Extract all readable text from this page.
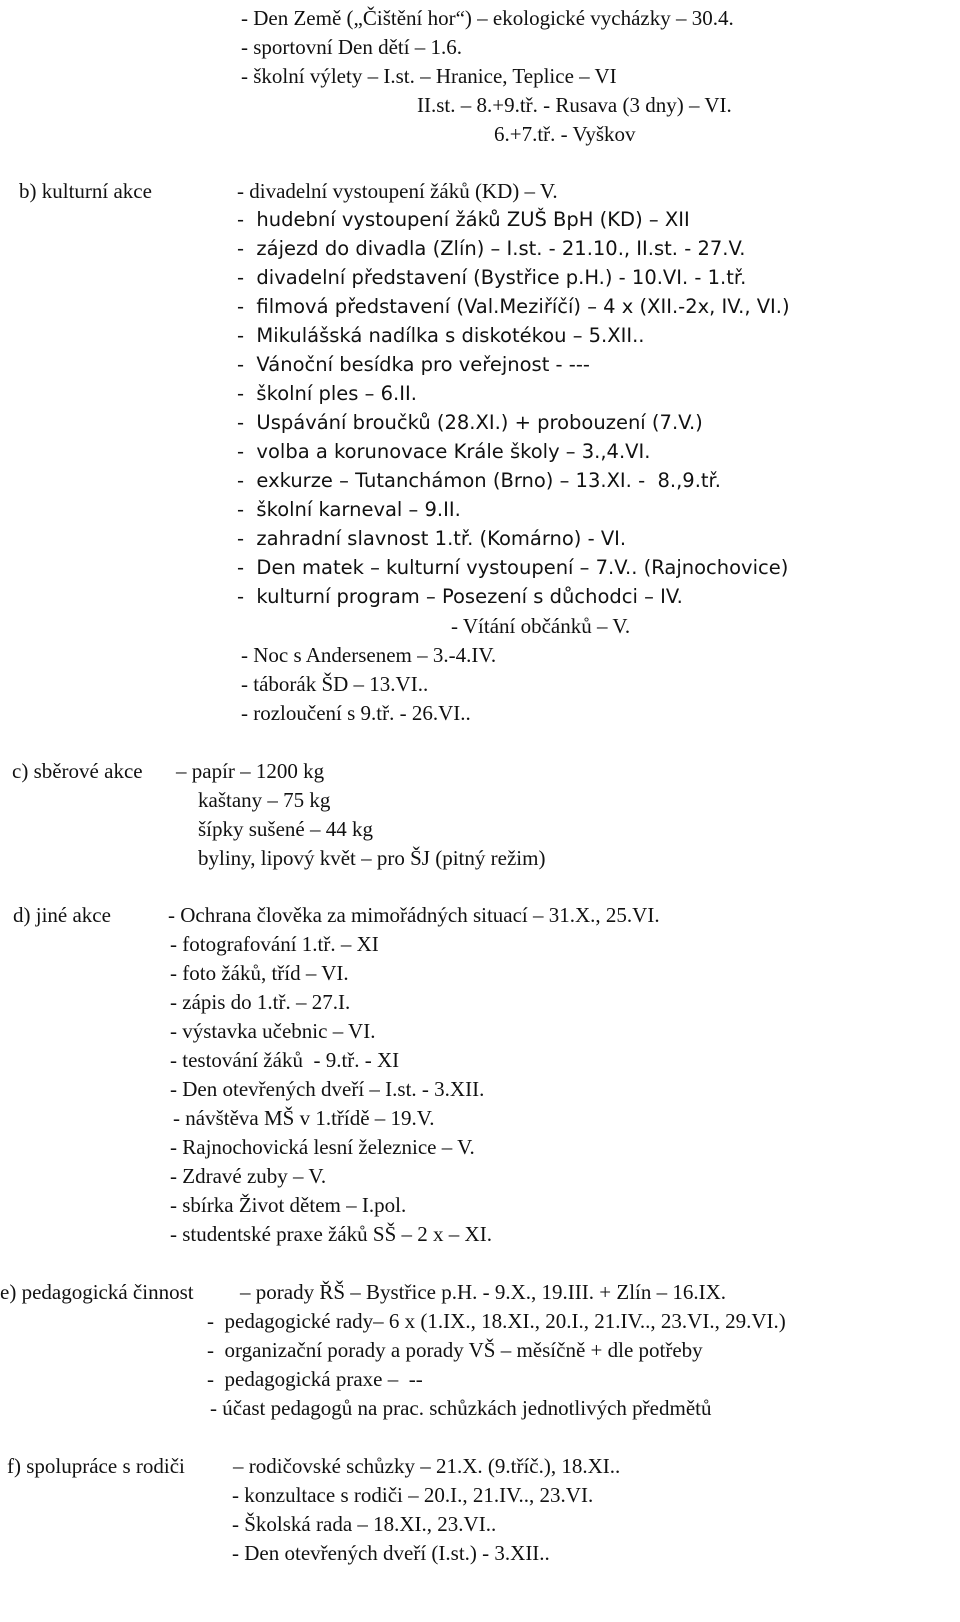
- Den Země („Čištění hor“) – ekologické vycházky – 30.4.
- sportovní Den dětí – 1.6.
- školní výlety – I.st. – Hranice, Teplice – VI
II.st. – 8.+9.tř. - Rusava (3 dny) – VI.
6.+7.tř. - Vyškov
b) kulturní akce	- divadelní vystoupení žáků (KD) – V.
-  hudební vystoupení žáků ZUŠ BpH (KD) – XII
-  zájezd do divadla (Zlín) – I.st. - 21.10., II.st. - 27.V.
-  divadelní představení (Bystřice p.H.) - 10.VI. - 1.tř.
-  filmová představení (Val.Meziříčí) – 4 x (XII.-2x, IV., VI.)
-  Mikulášská nadílka s diskotékou – 5.XII..
-  Vánoční besídka pro veřejnost - ---
-  školní ples – 6.II.
-  Uspávání broučků (28.XI.) + probouzení (7.V.)
-  volba a korunovace Krále školy – 3.,4.VI.
-  exkurze – Tutanchámon (Brno) – 13.XI. -  8.,9.tř.
-  školní karneval – 9.II.
-  zahradní slavnost 1.tř. (Komárno) - VI.
-  Den matek – kulturní vystoupení – 7.V.. (Rajnochovice)
-  kulturní program – Posezení s důchodci – IV.
- Vítání občánků – V.
- Noc s Andersenem – 3.-4.IV.
- táborák ŠD – 13.VI..
- rozloučení s 9.tř. - 26.VI..
c) sběrové akce – papír – 1200 kg
kaštany – 75 kg
šípky sušené – 44 kg
byliny, lipový květ – pro ŠJ (pitný režim)
d) jiné akce	- Ochrana člověka za mimořádných situací – 31.X., 25.VI.
- fotografování 1.tř. – XI
- foto žáků, tříd – VI.
- zápis do 1.tř. – 27.I.
- výstavka učebnic – VI.
- testování žáků  - 9.tř. - XI
- Den otevřených dveří – I.st. - 3.XII.
- návštěva MŠ v 1.třídě – 19.V.
- Rajnochovická lesní železnice – V.
- Zdravé zuby – V.
- sbírka Život dětem – I.pol.
- studentské praxe žáků SŠ – 2 x – XI.
e) pedagogická činnost – porady ŘŠ – Bystřice p.H. - 9.X., 19.III. + Zlín – 16.IX.
-  pedagogické rady– 6 x (1.IX., 18.XI., 20.I., 21.IV.., 23.VI., 29.VI.)
-  organizační porady a porady VŠ – měsíčně + dle potřeby
-  pedagogická praxe –  --
- účast pedagogů na prac. schůzkách jednotlivých předmětů
f) spolupráce s rodiči – rodičovské schůzky – 21.X. (9.tříč.), 18.XI..
- konzultace s rodiči – 20.I., 21.IV.., 23.VI.
- Školská rada – 18.XI., 23.VI..
- Den otevřených dveří (I.st.) - 3.XII..
